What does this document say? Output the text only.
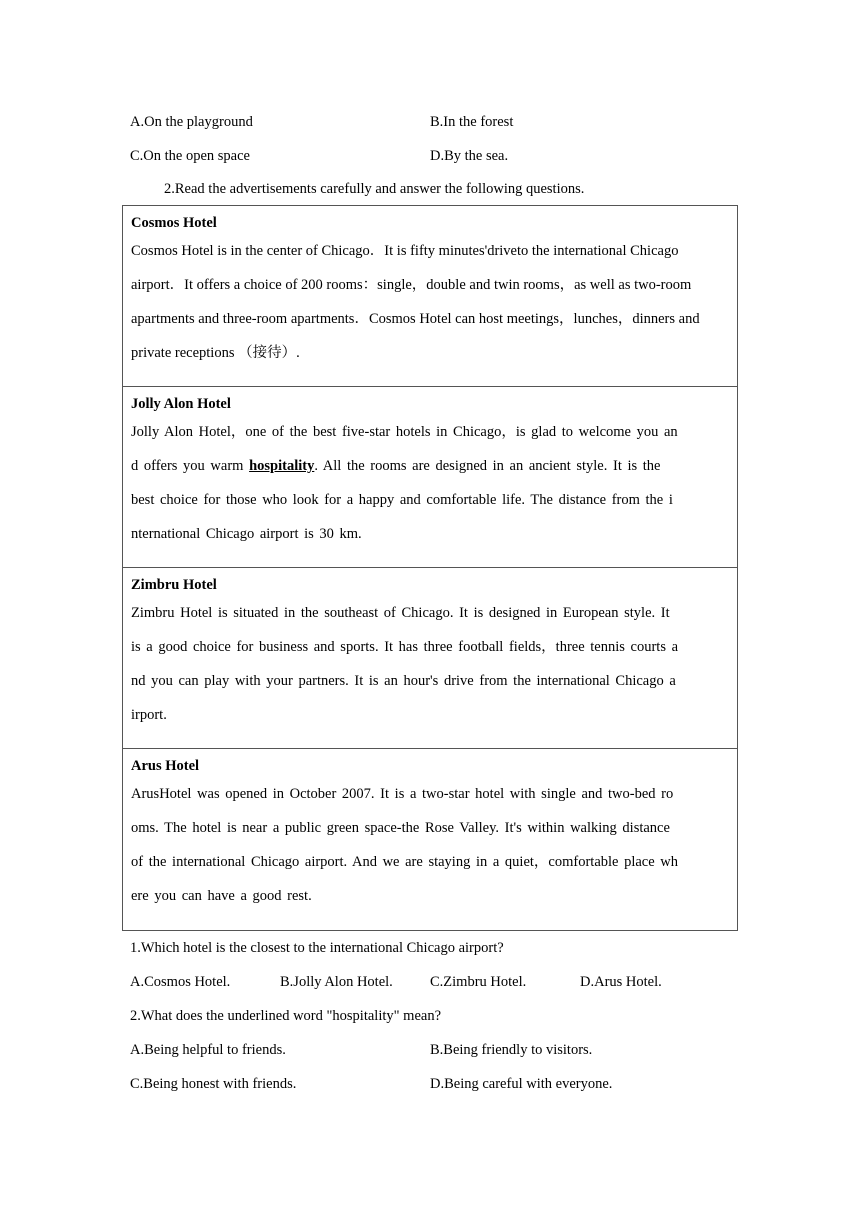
A.On the playground	B.In the forest
C.On the open space	D.By the sea.
2.Read the advertisements carefully and answer the following questions.
Cosmos Hotel
Cosmos Hotel is in the center of Chicago．It is fifty minutes'driveto the international Chicago
airport．It offers a choice of 200 rooms：single，double and twin rooms，as well as two-room
apartments and three-room apartments．Cosmos Hotel can host meetings，lunches，dinners and
private receptions （接待）.

Jolly Alon Hotel
Jolly Alon Hotel，one of the best five-star hotels in Chicago，is glad to welcome you an
d offers you warm hospitality. All the rooms are designed in an ancient style. It is the
best choice for those who look for a happy and comfortable life. The distance from the i
nternational Chicago airport is 30 km.

Zimbru Hotel
Zimbru Hotel is situated in the southeast of Chicago. It is designed in European style. It
is a good choice for business and sports. It has three football fields，three tennis courts a
nd you can play with your partners. It is an hour's drive from the international Chicago a
irport.

Arus Hotel
ArusHotel was opened in October 2007. It is a two-star hotel with single and two-bed ro
oms. The hotel is near a public green space-the Rose Valley. It's within walking distance
of the international Chicago airport. And we are staying in a quiet，comfortable place wh
ere you can have a good rest.
1.Which hotel is the closest to the international Chicago airport?
A.Cosmos Hotel.	B.Jolly Alon Hotel.	C.Zimbru Hotel.	D.Arus Hotel.
2.What does the underlined word "hospitality" mean?
A.Being helpful to friends.	B.Being friendly to visitors.
C.Being honest with friends.	D.Being careful with everyone.
